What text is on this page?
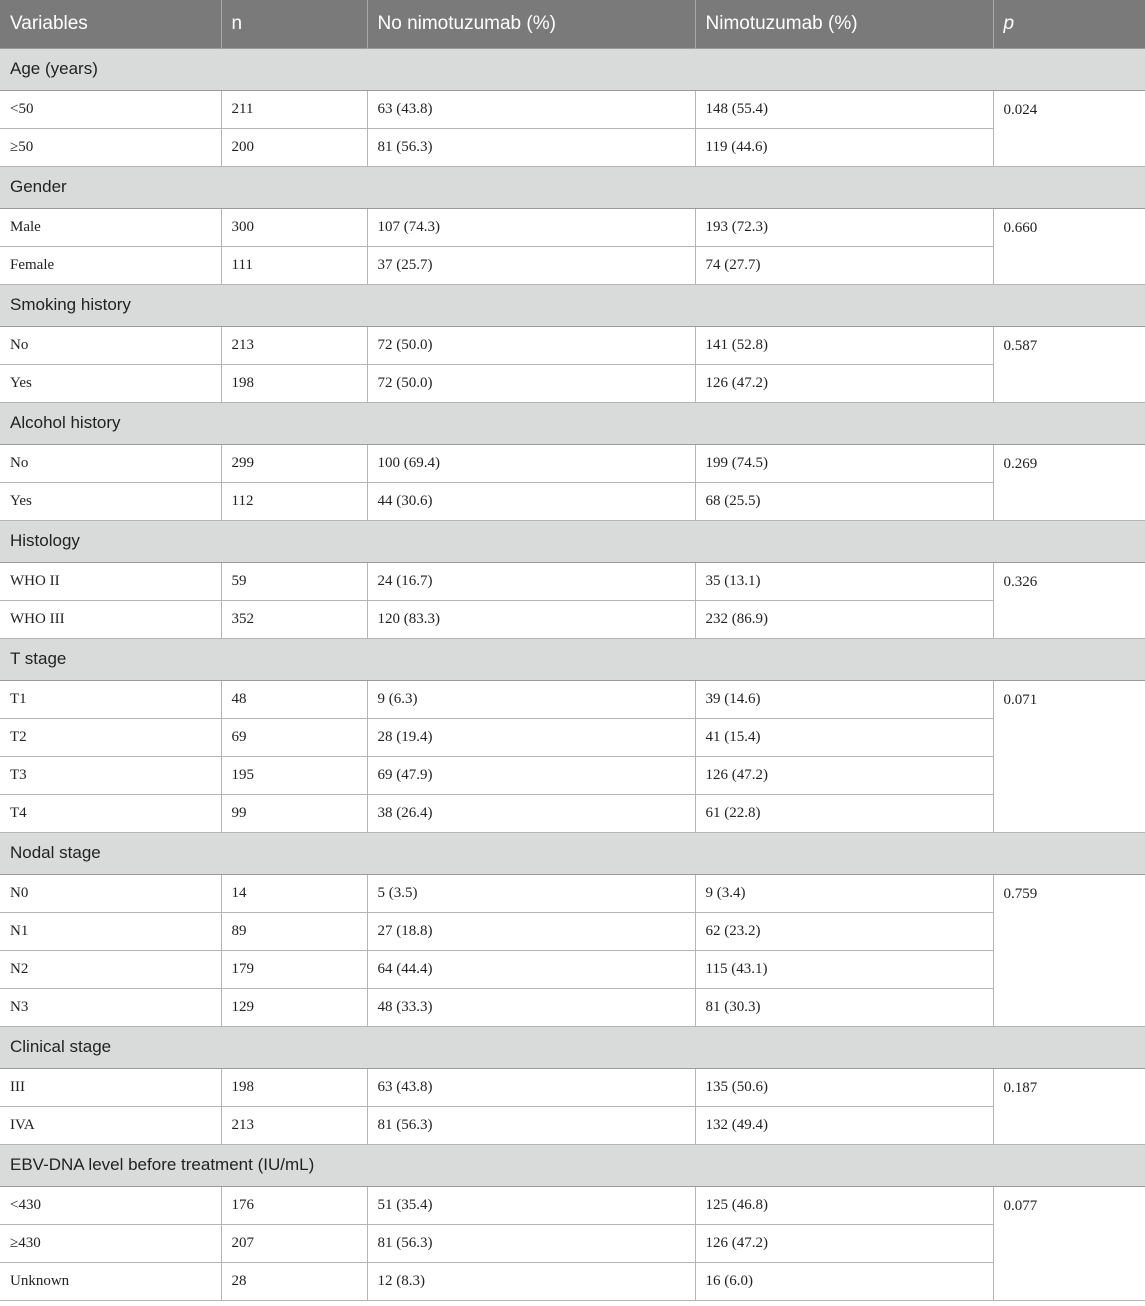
Variables	n	No nimotuzumab (%)	Nimotuzumab (%)	p
Age (years)				
<50	211	63 (43.8)	148 (55.4)	0.024
≥50	200	81 (56.3)	119 (44.6)	
Gender				
Male	300	107 (74.3)	193 (72.3)	0.660
Female	111	37 (25.7)	74 (27.7)	
Smoking history				
No	213	72 (50.0)	141 (52.8)	0.587
Yes	198	72 (50.0)	126 (47.2)	
Alcohol history				
No	299	100 (69.4)	199 (74.5)	0.269
Yes	112	44 (30.6)	68 (25.5)	
Histology				
WHO II	59	24 (16.7)	35 (13.1)	0.326
WHO III	352	120 (83.3)	232 (86.9)	
T stage				
T1	48	9 (6.3)	39 (14.6)	0.071
T2	69	28 (19.4)	41 (15.4)	
T3	195	69 (47.9)	126 (47.2)	
T4	99	38 (26.4)	61 (22.8)	
Nodal stage				
N0	14	5 (3.5)	9 (3.4)	0.759
N1	89	27 (18.8)	62 (23.2)	
N2	179	64 (44.4)	115 (43.1)	
N3	129	48 (33.3)	81 (30.3)	
Clinical stage				
III	198	63 (43.8)	135 (50.6)	0.187
IVA	213	81 (56.3)	132 (49.4)	
EBV-DNA level before treatment (IU/mL)				
<430	176	51 (35.4)	125 (46.8)	0.077
≥430	207	81 (56.3)	126 (47.2)	
Unknown	28	12 (8.3)	16 (6.0)	
